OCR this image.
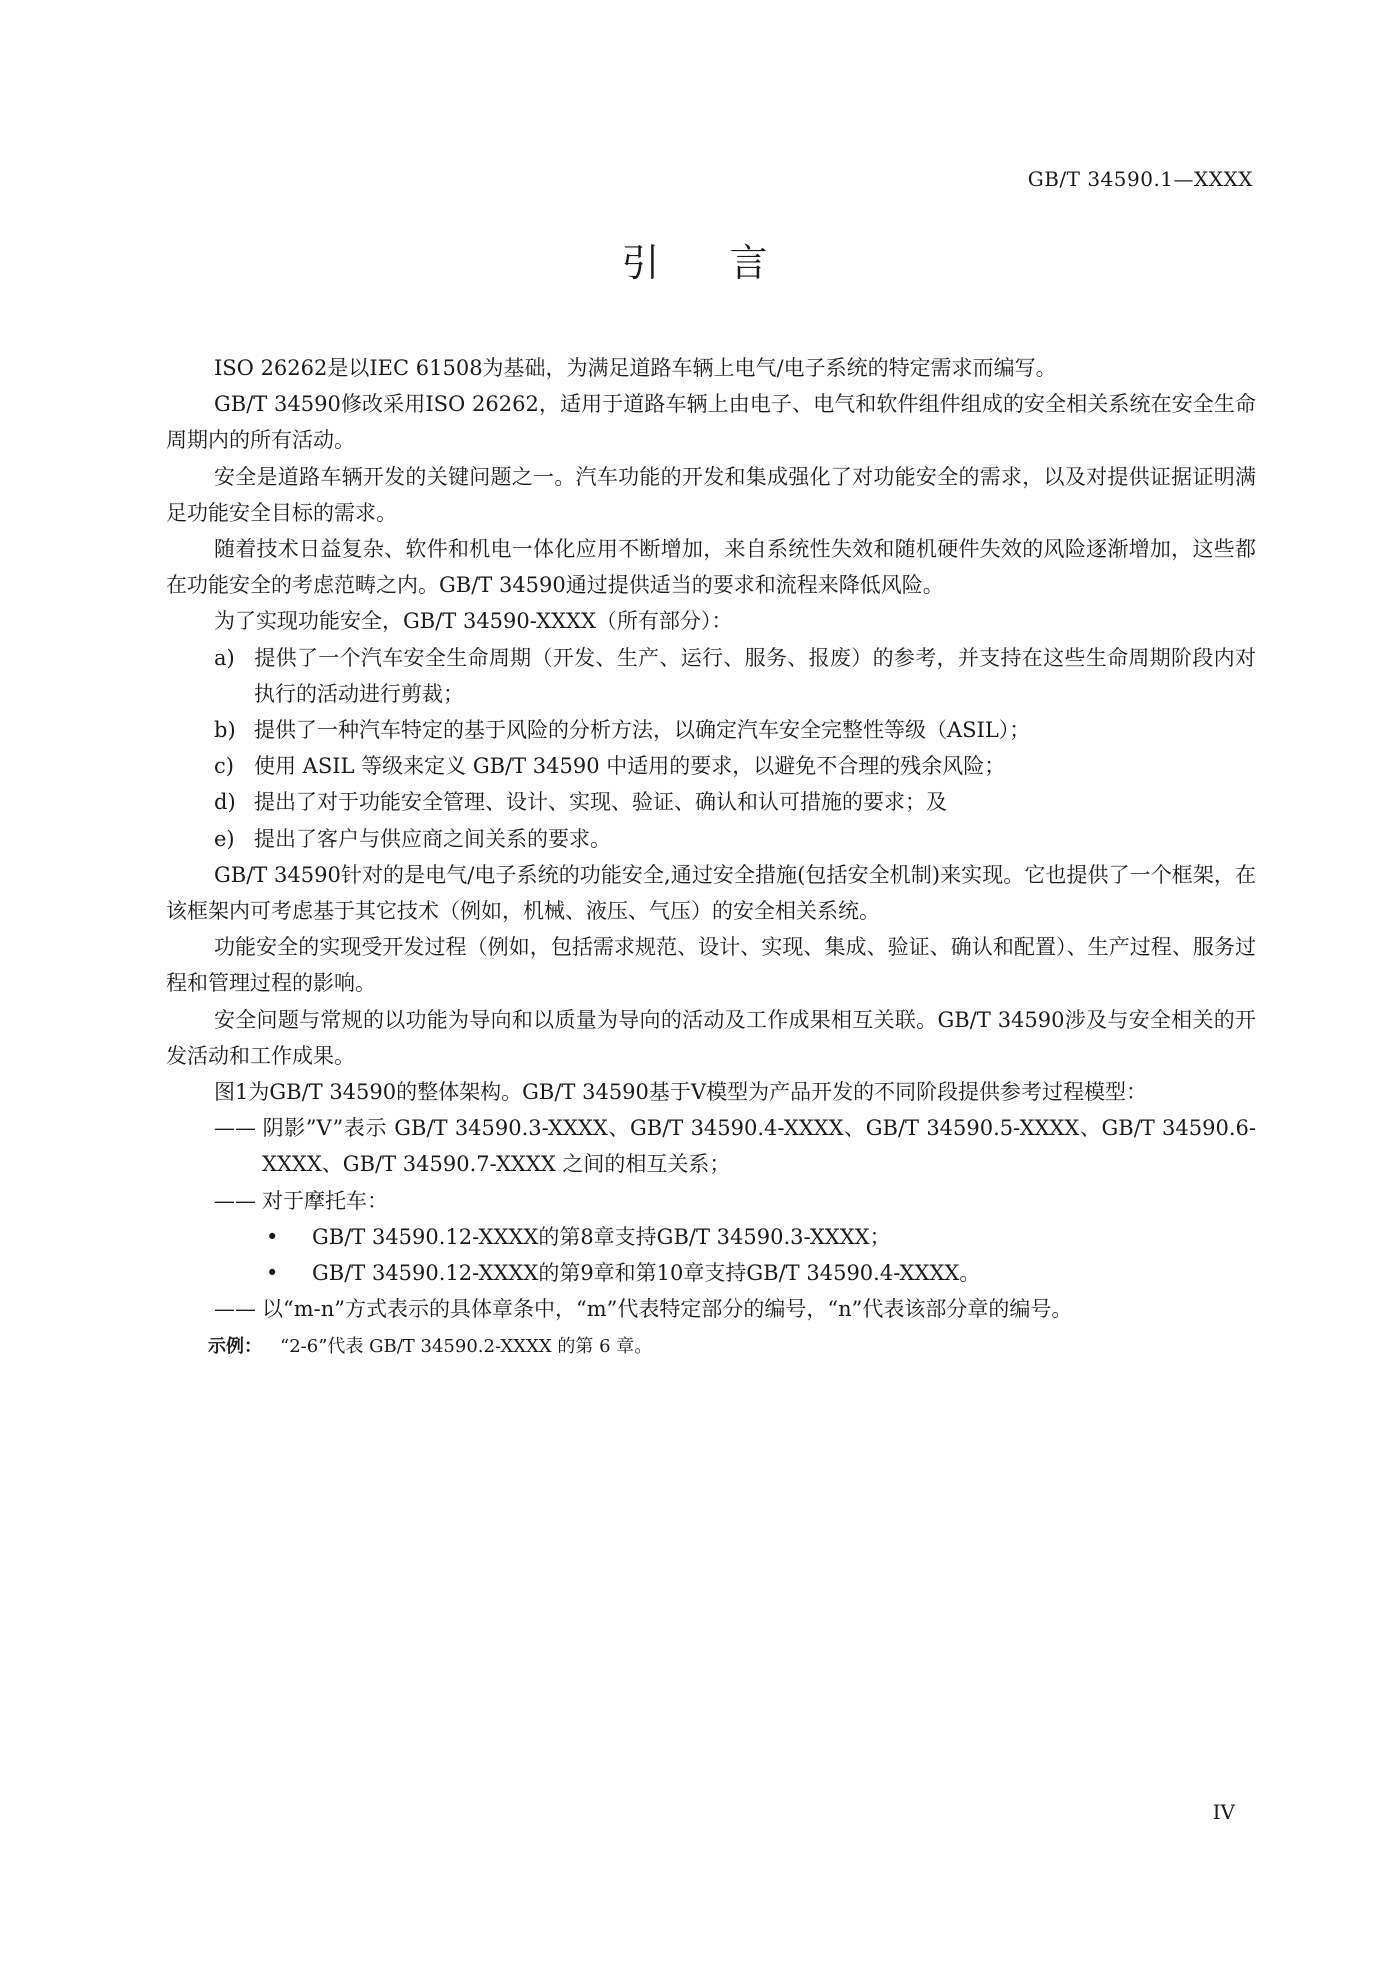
GB/T 34590.1—XXXX
引言

ISO 26262是以IEC 61508为基础，为满足道路车辆上电气/电子系统的特定需求而编写。

GB/T 34590修改采用ISO 26262，适用于道路车辆上由电子、电气和软件组件组成的安全相关系统在安全生命周期内的所有活动。

安全是道路车辆开发的关键问题之一。汽车功能的开发和集成强化了对功能安全的需求，以及对提供证据证明满足功能安全目标的需求。

随着技术日益复杂、软件和机电一体化应用不断增加，来自系统性失效和随机硬件失效的风险逐渐增加，这些都在功能安全的考虑范畴之内。GB/T 34590通过提供适当的要求和流程来降低风险。

为了实现功能安全，GB/T 34590-XXXX（所有部分）：

a) 提供了一个汽车安全生命周期（开发、生产、运行、服务、报废）的参考，并支持在这些生命周期阶段内对执行的活动进行剪裁；
b) 提供了一种汽车特定的基于风险的分析方法，以确定汽车安全完整性等级（ASIL）；
c) 使用 ASIL 等级来定义 GB/T 34590 中适用的要求，以避免不合理的残余风险；
d) 提出了对于功能安全管理、设计、实现、验证、确认和认可措施的要求；及
e) 提出了客户与供应商之间关系的要求。

GB/T 34590针对的是电气/电子系统的功能安全,通过安全措施(包括安全机制)来实现。它也提供了一个框架，在该框架内可考虑基于其它技术（例如，机械、液压、气压）的安全相关系统。

功能安全的实现受开发过程（例如，包括需求规范、设计、实现、集成、验证、确认和配置）、生产过程、服务过程和管理过程的影响。

安全问题与常规的以功能为导向和以质量为导向的活动及工作成果相互关联。GB/T 34590涉及与安全相关的开发活动和工作成果。

图1为GB/T 34590的整体架构。GB/T 34590基于V模型为产品开发的不同阶段提供参考过程模型：

—— 阴影”V”表示 GB/T 34590.3-XXXX、GB/T 34590.4-XXXX、GB/T 34590.5-XXXX、GB/T 34590.6-XXXX、GB/T 34590.7-XXXX 之间的相互关系；
—— 对于摩托车：
• GB/T 34590.12-XXXX的第8章支持GB/T 34590.3-XXXX；
• GB/T 34590.12-XXXX的第9章和第10章支持GB/T 34590.4-XXXX。
—— 以“m-n”方式表示的具体章条中，“m”代表特定部分的编号，“n”代表该部分章的编号。
示例： “2-6”代表 GB/T 34590.2-XXXX 的第 6 章。
IV
